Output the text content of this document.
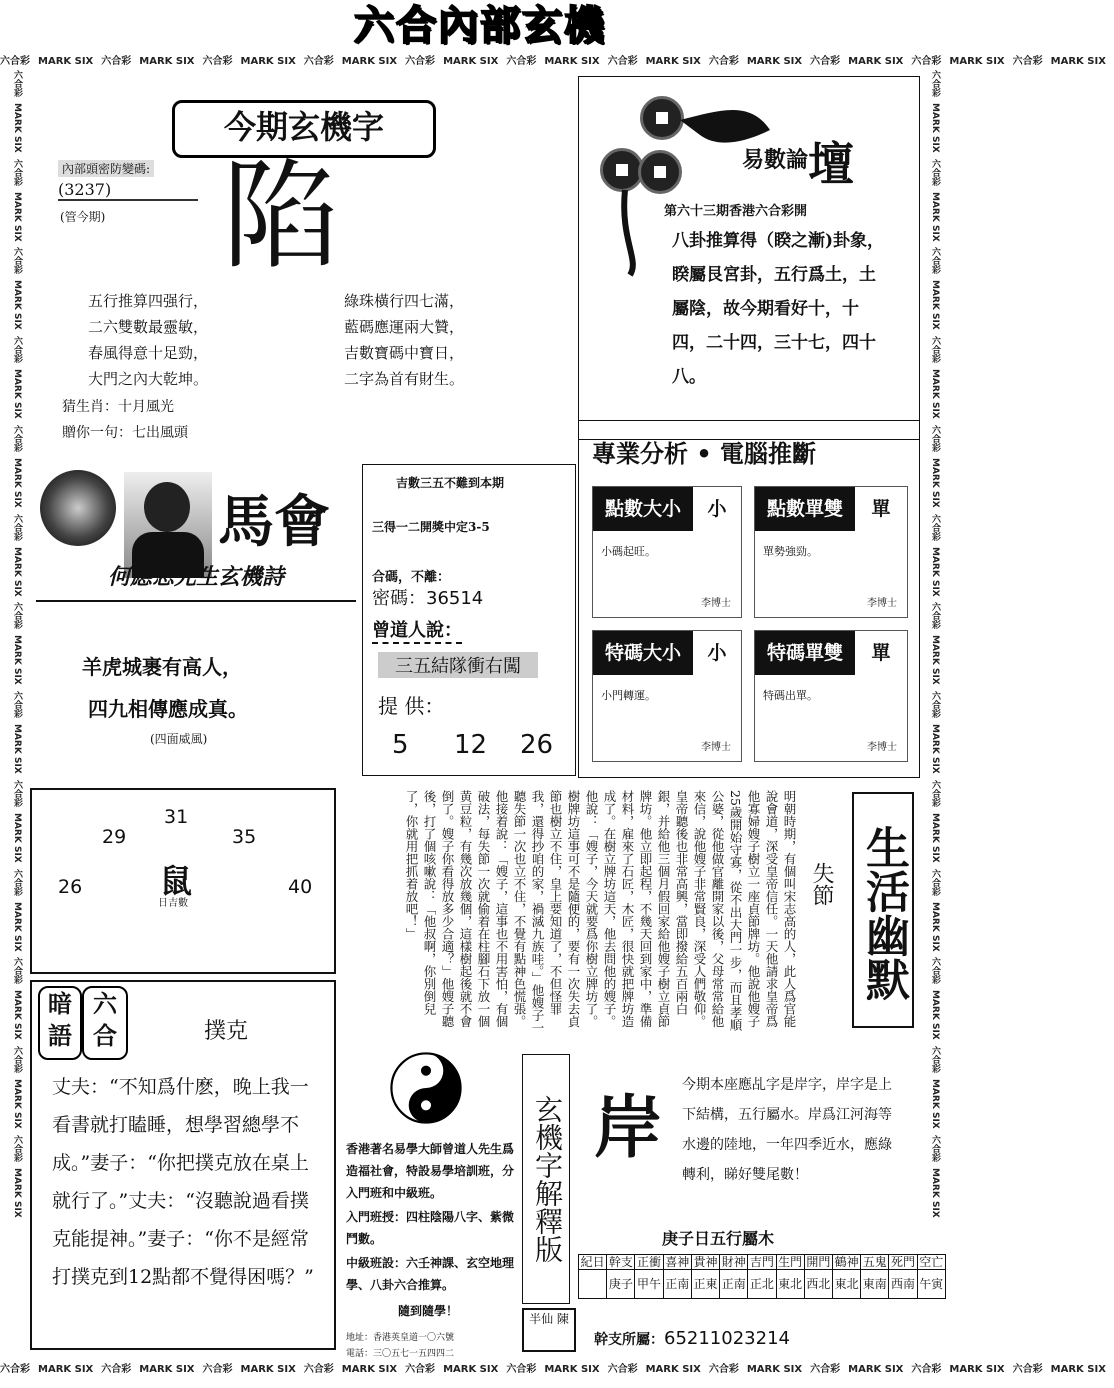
六合內部玄機
六合彩 MARK SIX 六合彩 MARK SIX 六合彩 MARK SIX 六合彩 MARK SIX 六合彩 MARK SIX 六合彩 MARK SIX 六合彩 MARK SIX 六合彩 MARK SIX 六合彩 MARK SIX 六合彩 MARK SIX 六合彩 MARK SIX
六合彩 MARK SIX 六合彩 MARK SIX 六合彩 MARK SIX 六合彩 MARK SIX 六合彩 MARK SIX 六合彩 MARK SIX 六合彩 MARK SIX 六合彩 MARK SIX 六合彩 MARK SIX 六合彩 MARK SIX 六合彩 MARK SIX
六合彩MARK SIX六合彩MARK SIX六合彩MARK SIX六合彩MARK SIX六合彩MARK SIX六合彩MARK SIX六合彩MARK SIX六合彩MARK SIX六合彩MARK SIX六合彩MARK SIX六合彩MARK SIX六合彩MARK SIX六合彩MARK SIX
六合彩MARK SIX六合彩MARK SIX六合彩MARK SIX六合彩MARK SIX六合彩MARK SIX六合彩MARK SIX六合彩MARK SIX六合彩MARK SIX六合彩MARK SIX六合彩MARK SIX六合彩MARK SIX六合彩MARK SIX六合彩MARK SIX
今期玄機字
內部頭密防變碼:
(3237)
(管今期) 陷
五行推算四强行，
二六雙數最靈敏，
春風得意十足勁，
大門之內大乾坤。
綠珠橫行四七滿，
藍碼應運兩大贊，
吉數寶碼中寶日，
二字為首有財生。
猜生肖：十月風光
贈你一句：七出風頭
易數論壇
第六十三期香港六合彩開
八卦推算得（睽之漸)卦象，睽屬艮宮卦，五行爲土，土屬陰，故今期看好十，十四，二十四，三十七，四十八。
馬會
何應忠先生玄機詩
羊虎城裹有高人，
四九相傳應成真。
(四面威風)
吉數三五不難到本期
三得一二開獎中定3-5
合碼，不離：
密碼：36514
曾道人說：
三五結隊衝右闖
提 供：
5 12 26
專業分析 • 電腦推斷
點數大小	小
小碼起旺。
李博士
點數單雙	單
單勢強勁。
李博士
特碼大小	小
小門轉運。
李博士
特碼單雙	單
特碼出單。
李博士
31
29	35
26	40
鼠
日吉數	明朝時期，有個叫宋志高的人，此人爲官能說會道，深受皇帝信任。一天他請求皇帝爲他寡婦嫂子樹立一座貞節牌坊。他說他嫂子25歲開始守寡，從不出大門一步，而且孝順公婆，從他做官離開家以後，父母常常給他來信，說他嫂子非常賢良，深受人們敬仰。皇帝聽後也非常高興，當即撥給五百兩白銀，并給他三個月假回家給他嫂子樹立貞節牌坊。他立即起程，不幾天回到家中，準備材料，雇來了石匠，木匠，很快就把牌坊造成了。在樹立牌坊這天，他去問他的嫂子。他說：「嫂子，今天就要爲你樹立牌坊了。樹牌坊這事可不是隨便的，要有一次失去貞節也樹立不住，皇上要知道了，不但怪罪我，還得抄咱的家，禍滅九族哇。」他嫂子一聽失節一次也立不住，不覺有點神色慌張。他接着說：「嫂子，這事也不用害怕，有個破法，每失節一次就偷着在柱腳石下放一個黄豆粒，有幾次放幾個，這樣樹起後就不會倒了。嫂子你看得放多少合適？」他嫂子聽後，打了個咳嗽說：「他叔啊，你別倒兒了，你就用把抓着放吧！」	失節 生活幽默
暗語
六合	撲克
丈夫：“不知爲什麽，晚上我一看書就打瞌睡，想學習總學不成。”妻子：“你把撲克放在桌上就行了。”丈夫：“沒聽說過看撲克能提神。”妻子：“你不是經常打撲克到12點都不覺得困嗎？”
香港著名易學大師曾道人先生爲造福社會，特設易學培訓班，分入門班和中級班。
入門班授：四柱陰陽八字、紫微鬥數。
中級班設：六壬神課、玄空地理學、八卦六合推算。
隨到隨學！
地址：香港英皇道一〇六號
電話：三〇五七一五四四二
玄機字解釋版
半仙 陳
岸
今期本座應乩字是岸字，岸字是上下結構，五行屬水。岸爲江河海等水邊的陸地，一年四季近水，應綠轉利，睇好雙尾數！
庚子日五行屬木
紀日	幹支	正衝	喜神	貴神	財神	吉門	生門	開門	鶴神	五鬼	死門	空亡
	庚子	甲午	正南	正東	正南	正北	東北	西北	東北	東南	西南	午寅
幹支所屬：65211023214
